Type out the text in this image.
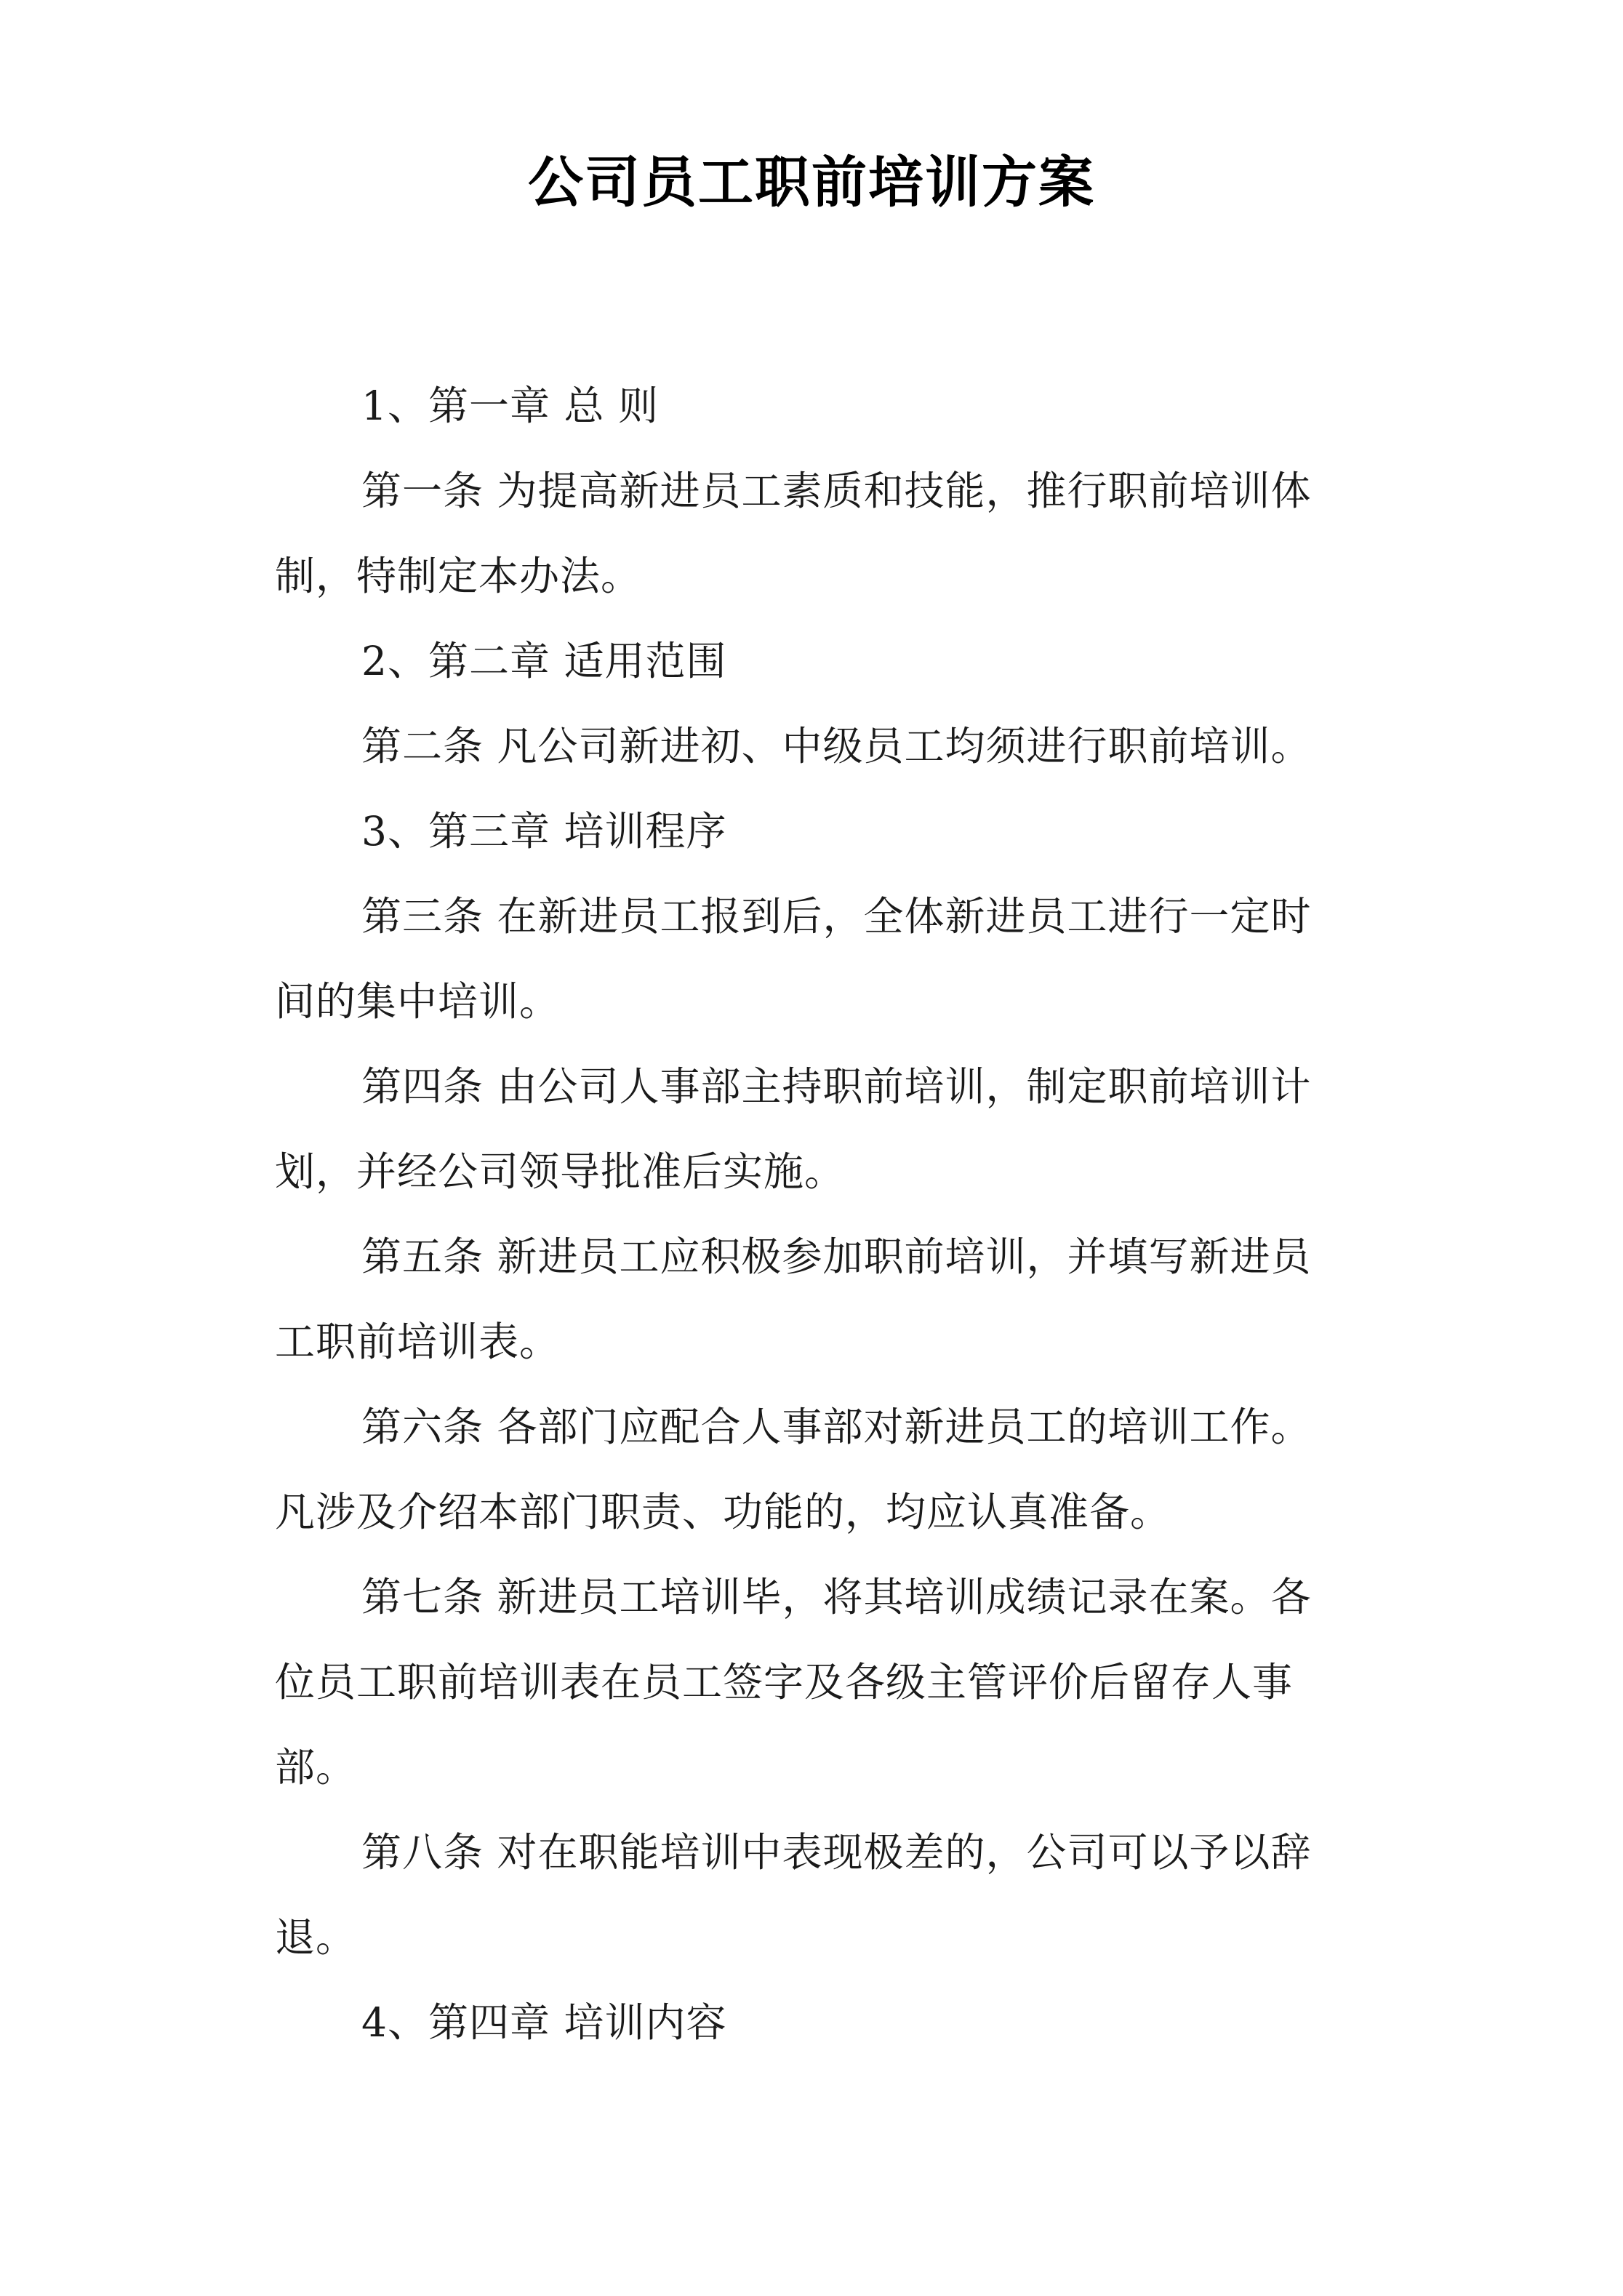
公司员工职前培训方案

1、第一章 总 则

第一条 为提高新进员工素质和技能，推行职前培训体制，特制定本办法。

2、第二章 适用范围

第二条 凡公司新进初、中级员工均须进行职前培训。

3、第三章 培训程序

第三条 在新进员工报到后，全体新进员工进行一定时间的集中培训。

第四条 由公司人事部主持职前培训，制定职前培训计划，并经公司领导批准后实施。

第五条 新进员工应积极参加职前培训，并填写新进员工职前培训表。

第六条 各部门应配合人事部对新进员工的培训工作。凡涉及介绍本部门职责、功能的，均应认真准备。

第七条 新进员工培训毕，将其培训成绩记录在案。各位员工职前培训表在员工签字及各级主管评价后留存人事部。

第八条 对在职能培训中表现极差的，公司可以予以辞退。

4、第四章 培训内容
